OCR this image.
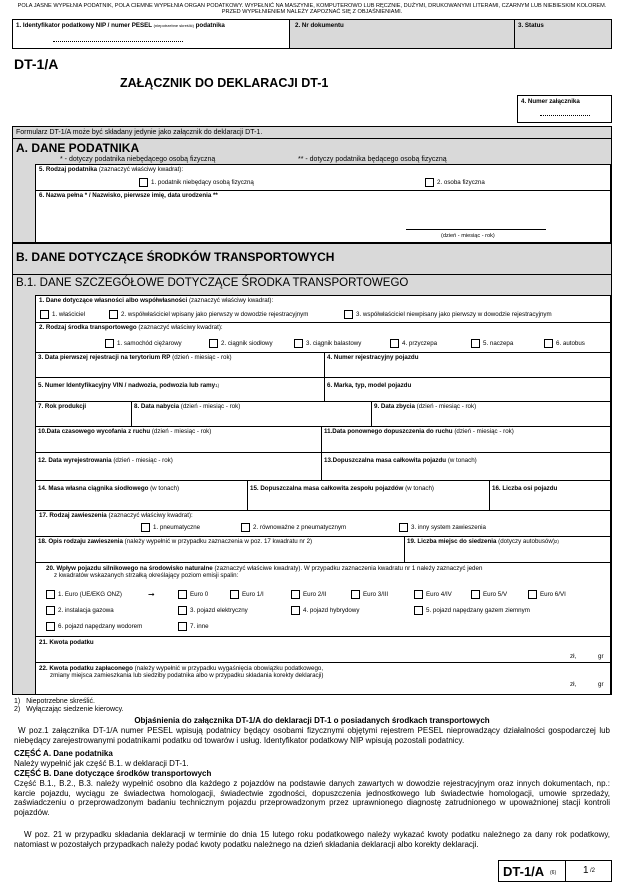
POLA JASNE WYPEŁNIA PODATNIK, POLA CIEMNE WYPEŁNIA ORGAN PODATKOWY. WYPEŁNIĆ NA MASZYNIE, KOMPUTEROWO LUB RĘCZNIE, DUŻYMI, DRUKOWANYMI LITERAMI, CZARNYM LUB NIEBIESKIM KOLOREM. PRZED WYPEŁNIENIEM NALEŻY ZAPOZNAĆ SIĘ Z OBJAŚNIENIAMI.
1. Identyfikator podatkowy NIP / numer PESEL $^{(niepotrzebne skreślić)}$ podatnika	2. Nr dokumentu	3. Status
DT-1/A
ZAŁĄCZNIK DO DEKLARACJI DT-1
4. Numer załącznika
Formularz DT-1/A może być składany jedynie jako załącznik do deklaracji DT-1.
A. DANE PODATNIKA
* - dotyczy podatnika niebędącego osobą fizyczną	** - dotyczy podatnika będącego osobą fizyczną
5. Rodzaj podatnika (zaznaczyć właściwy kwadrat):
1. podatnik niebędący osobą fizyczną	2. osoba fizyczna
6. Nazwa pełna * / Nazwisko, pierwsze imię, data urodzenia **
(dzień - miesiąc - rok)
B. DANE DOTYCZĄCE ŚRODKÓW TRANSPORTOWYCH
B.1. DANE SZCZEGÓŁOWE DOTYCZĄCE ŚRODKA TRANSPORTOWEGO
1. Dane dotyczące własności albo współwłasności (zaznaczyć właściwy kwadrat):
1. właściciel	2. współwłaściciel wpisany jako pierwszy w dowodzie rejestracyjnym	3. współwłaściciel niewpisany jako pierwszy w dowodzie rejestracyjnym
2. Rodzaj środka transportowego (zaznaczyć właściwy kwadrat):
1. samochód ciężarowy	2. ciągnik siodłowy	3. ciągnik balastowy	4. przyczepa	5. naczepa	6. autobus
3. Data pierwszej rejestracji na terytorium RP (dzień - miesiąc - rok)	4. Numer rejestracyjny pojazdu
5. Numer Identyfikacyjny VIN / nadwozia, podwozia lub ramy$^{1)}$	6. Marka, typ, model pojazdu
7. Rok produkcji	8. Data nabycia (dzień - miesiąc - rok)	9. Data zbycia (dzień - miesiąc - rok)
10.Data czasowego wycofania z ruchu (dzień - miesiąc - rok)	11.Data ponownego dopuszczenia do ruchu (dzień - miesiąc - rok)
12. Data wyrejestrowania (dzień - miesiąc - rok)	13.Dopuszczalna masa całkowita pojazdu (w tonach)
14. Masa własna ciągnika siodłowego (w tonach)	15. Dopuszczalna masa całkowita zespołu pojazdów (w tonach)	16. Liczba osi pojazdu
17. Rodzaj zawieszenia (zaznaczyć właściwy kwadrat):
1. pneumatyczne	2. równoważne z pneumatycznym	3. inny system zawieszenia
18. Opis rodzaju zawieszenia (należy wypełnić w przypadku zaznaczenia w poz. 17 kwadratu nr 2)	19. Liczba miejsc do siedzenia (dotyczy autobusów)$^{2)}$
20. Wpływ pojazdu silnikowego na środowisko naturalne (zaznaczyć właściwe kwadraty). W przypadku zaznaczenia kwadratu nr 1 należy zaznaczyć jeden
z kwadratów wskazanych strzałką określający poziom emisji spalin:
1. Euro (UE/EKG ONZ)	➞	Euro 0	Euro 1/I	Euro 2/II	Euro 3/III	Euro 4/IV	Euro 5/V	Euro 6/VI
2. instalacja gazowa	3. pojazd elektryczny	4. pojazd hybrydowy	5. pojazd napędzany gazem ziemnym
6. pojazd napędzany wodorem	7. inne
21. Kwota podatku
zł,	gr
22. Kwota podatku zapłaconego (należy wypełnić w przypadku wygaśnięcia obowiązku podatkowego,
zmiany miejsca zamieszkania lub siedziby podatnika albo w przypadku składania korekty deklaracji)
zł,	gr
1) Niepotrzebne skreślić.
2) Wyłączając siedzenie kierowcy.
Objaśnienia do załącznika DT-1/A do deklaracji DT-1 o posiadanych środkach transportowych
W poz.1 załącznika DT-1/A numer PESEL wpisują podatnicy będący osobami fizycznymi objętymi rejestrem PESEL nieprowadzący działalności gospodarczej lub niebędący zarejestrowanymi podatnikami podatku od towarów i usług. Identyfikator podatkowy NIP wpisują pozostali podatnicy.
CZĘŚĆ A. Dane podatnika
Należy wypełnić jak część B.1. w deklaracji DT-1.
CZĘŚĆ B. Dane dotyczące środków transportowych
Część B.1., B.2., B.3. należy wypełnić osobno dla każdego z pojazdów na podstawie danych zawartych w dowodzie rejestracyjnym oraz innych dokumentach, np.: karcie pojazdu, wyciągu ze świadectwa homologacji, świadectwie zgodności, dopuszczenia jednostkowego lub świadectwie homologacji, umowie sprzedaży, zaświadczeniu o przeprowadzonym badaniu technicznym pojazdu przeprowadzonym przez uprawnionego diagnostę zatrudnionego w upoważnionej stacji kontroli pojazdów.
W poz. 21 w przypadku składania deklaracji w terminie do dnia 15 lutego roku podatkowego należy wykazać kwoty podatku należnego za dany rok podatkowy, natomiast w pozostałych przypadkach należy podać kwoty podatku należnego na dzień składania deklaracji albo korekty deklaracji.
DT-1/A (6)	1 /2
